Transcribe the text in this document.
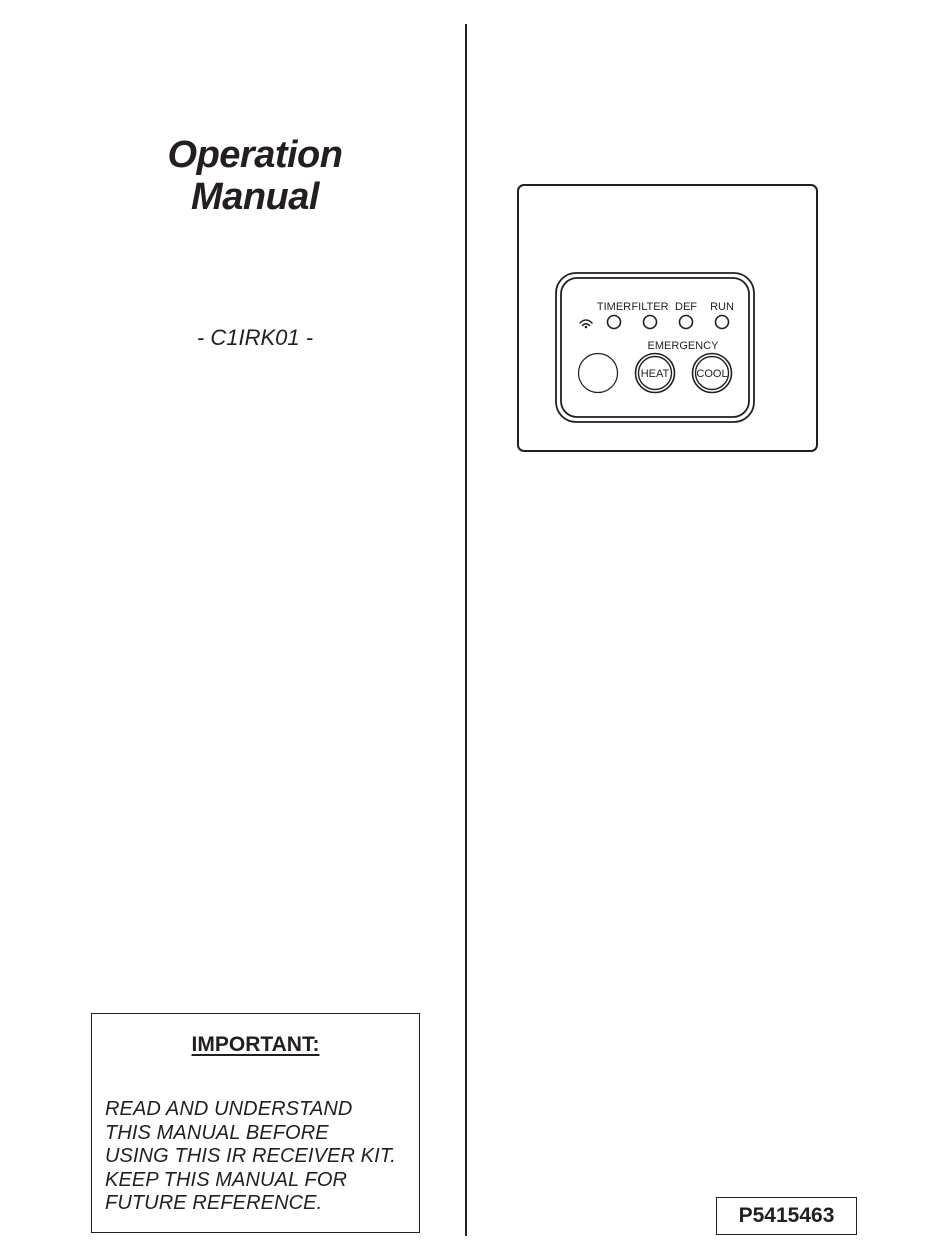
Operation
Manual
- C1IRK01 -
TIMER FILTER DEF RUN
EMERGENCY
HEAT COOL
IMPORTANT:
READ AND UNDERSTAND
THIS MANUAL BEFORE
USING THIS IR RECEIVER KIT.
KEEP THIS MANUAL FOR
FUTURE REFERENCE.
P5415463
